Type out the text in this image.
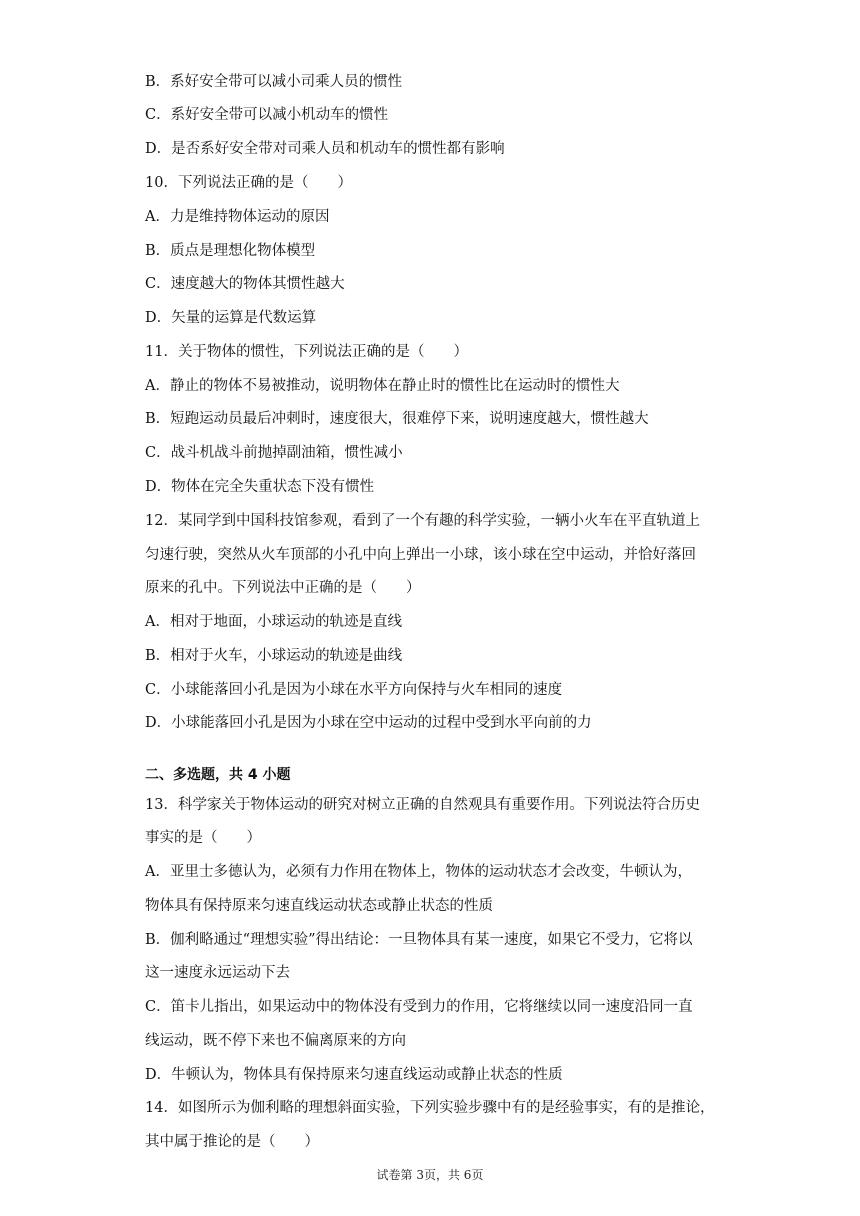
B．系好安全带可以减小司乘人员的惯性
C．系好安全带可以减小机动车的惯性
D．是否系好安全带对司乘人员和机动车的惯性都有影响
10．下列说法正确的是（　　）
A．力是维持物体运动的原因
B．质点是理想化物体模型
C．速度越大的物体其惯性越大
D．矢量的运算是代数运算
11．关于物体的惯性，下列说法正确的是（　　）
A．静止的物体不易被推动，说明物体在静止时的惯性比在运动时的惯性大
B．短跑运动员最后冲刺时，速度很大，很难停下来，说明速度越大，惯性越大
C．战斗机战斗前抛掉副油箱，惯性减小
D．物体在完全失重状态下没有惯性
12．某同学到中国科技馆参观，看到了一个有趣的科学实验，一辆小火车在平直轨道上
匀速行驶，突然从火车顶部的小孔中向上弹出一小球，该小球在空中运动，并恰好落回
原来的孔中。下列说法中正确的是（　　）
A．相对于地面，小球运动的轨迹是直线
B．相对于火车，小球运动的轨迹是曲线
C．小球能落回小孔是因为小球在水平方向保持与火车相同的速度
D．小球能落回小孔是因为小球在空中运动的过程中受到水平向前的力
二、多选题，共 4 小题
13．科学家关于物体运动的研究对树立正确的自然观具有重要作用。下列说法符合历史
事实的是（　　）
A．亚里士多德认为，必须有力作用在物体上，物体的运动状态才会改变，牛顿认为，
物体具有保持原来匀速直线运动状态或静止状态的性质
B．伽利略通过“理想实验”得出结论：一旦物体具有某一速度，如果它不受力，它将以
这一速度永远运动下去
C．笛卡儿指出，如果运动中的物体没有受到力的作用，它将继续以同一速度沿同一直
线运动，既不停下来也不偏离原来的方向
D．牛顿认为，物体具有保持原来匀速直线运动或静止状态的性质
14．如图所示为伽利略的理想斜面实验，下列实验步骤中有的是经验事实，有的是推论，
其中属于推论的是（　　）
试卷第 3页，共 6页
